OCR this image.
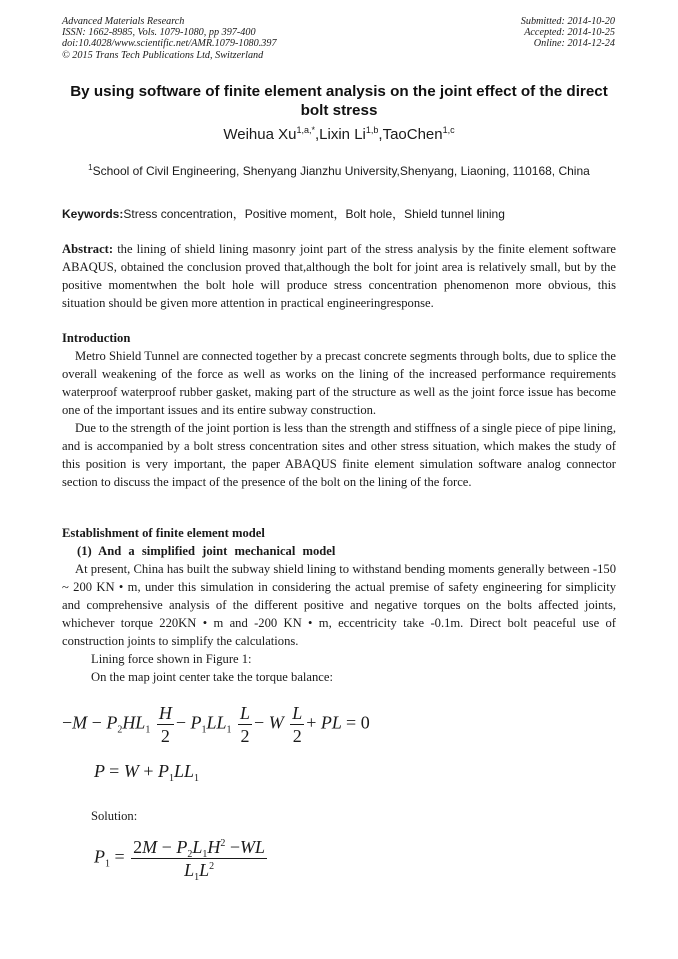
Advanced Materials Research
ISSN: 1662-8985, Vols. 1079-1080, pp 397-400
doi:10.4028/www.scientific.net/AMR.1079-1080.397
© 2015 Trans Tech Publications Ltd, Switzerland
Submitted: 2014-10-20
Accepted: 2014-10-25
Online: 2014-12-24
By using software of finite element analysis on the joint effect of the direct bolt stress
Weihua $Xu^{1,a,*},Lixin$ Li$^{1,b}$,TaoChen$^{1,c}$
$^1$School of Civil Engineering, Shenyang Jianzhu University,Shenyang, Liaoning, 110168, China
Keywords:Stress concentration，Positive moment，Bolt hole，Shield tunnel lining
Abstract: the lining of shield lining masonry joint part of the stress analysis by the finite element software ABAQUS, obtained the conclusion proved that,although the bolt for joint area is relatively small, but by the positive momentwhen the bolt hole will produce stress concentration phenomenon more obvious, this situation should be given more attention in practical engineeringresponse.
Introduction
Metro Shield Tunnel are connected together by a precast concrete segments through bolts, due to splice the overall weakening of the force as well as works on the lining of the increased performance requirements waterproof waterproof rubber gasket, making part of the structure as well as the joint force issue has become one of the important issues and its entire subway construction.
Due to the strength of the joint portion is less than the strength and stiffness of a single piece of pipe lining, and is accompanied by a bolt stress concentration sites and other stress situation, which makes the study of this position is very important, the paper ABAQUS finite element simulation software analog connector section to discuss the impact of the presence of the bolt on the lining of the force.
Establishment of finite element model
(1) And a simplified joint mechanical model
At present, China has built the subway shield lining to withstand bending moments generally between -150 ~ 200 KN • m, under this simulation in considering the actual premise of safety engineering for simplicity and comprehensive analysis of the different positive and negative torques on the bolts affected joints, whichever torque 220KN • m and -200 KN • m, eccentricity take -0.1m. Direct bolt peaceful use of construction joints to simplify the calculations.
Lining force shown in Figure 1:
On the map joint center take the torque balance:
$-M - P_2HL_1 \frac{H}{2} - P_1LL_1 \frac{L}{2} - W \frac{L}{2}$ + PL = 0
$P = W + P_1LL_1$
Solution:
$P_1 = \frac{2M - P_2L_1H^2 -WL}{L_1L^2}$
